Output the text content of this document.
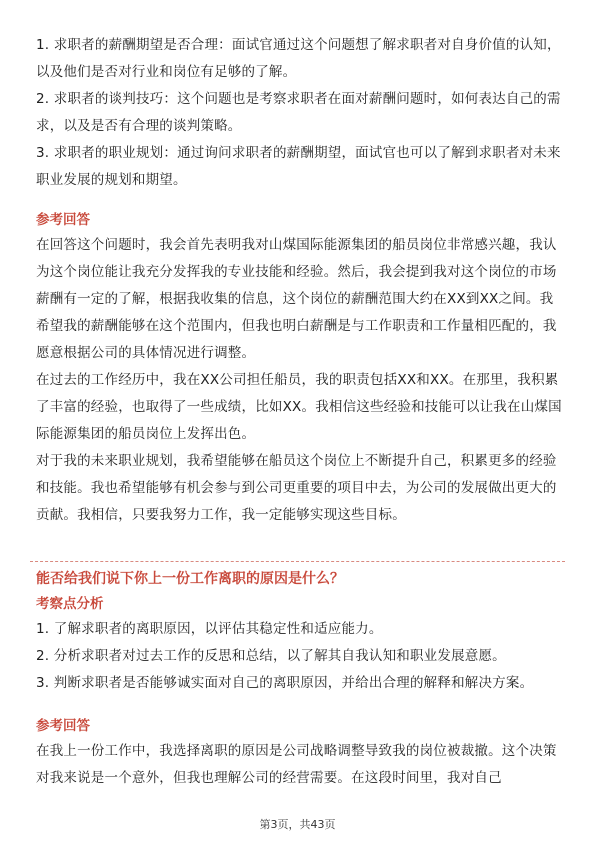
1. 求职者的薪酬期望是否合理：面试官通过这个问题想了解求职者对自身价值的认知，以及他们是否对行业和岗位有足够的了解。

2. 求职者的谈判技巧：这个问题也是考察求职者在面对薪酬问题时，如何表达自己的需求，以及是否有合理的谈判策略。

3. 求职者的职业规划：通过询问求职者的薪酬期望，面试官也可以了解到求职者对未来职业发展的规划和期望。

参考回答

在回答这个问题时，我会首先表明我对山煤国际能源集团的船员岗位非常感兴趣，我认为这个岗位能让我充分发挥我的专业技能和经验。然后，我会提到我对这个岗位的市场薪酬有一定的了解，根据我收集的信息，这个岗位的薪酬范围大约在XX到XX之间。我希望我的薪酬能够在这个范围内，但我也明白薪酬是与工作职责和工作量相匹配的，我愿意根据公司的具体情况进行调整。

在过去的工作经历中，我在XX公司担任船员，我的职责包括XX和XX。在那里，我积累了丰富的经验，也取得了一些成绩，比如XX。我相信这些经验和技能可以让我在山煤国际能源集团的船员岗位上发挥出色。

对于我的未来职业规划，我希望能够在船员这个岗位上不断提升自己，积累更多的经验和技能。我也希望能够有机会参与到公司更重要的项目中去，为公司的发展做出更大的贡献。我相信，只要我努力工作，我一定能够实现这些目标。

能否给我们说下你上一份工作离职的原因是什么？

考察点分析

1. 了解求职者的离职原因，以评估其稳定性和适应能力。

2. 分析求职者对过去工作的反思和总结，以了解其自我认知和职业发展意愿。

3. 判断求职者是否能够诚实面对自己的离职原因，并给出合理的解释和解决方案。

参考回答

在我上一份工作中，我选择离职的原因是公司战略调整导致我的岗位被裁撤。这个决策对我来说是一个意外，但我也理解公司的经营需要。在这段时间里，我对自己

第3页，共43页
